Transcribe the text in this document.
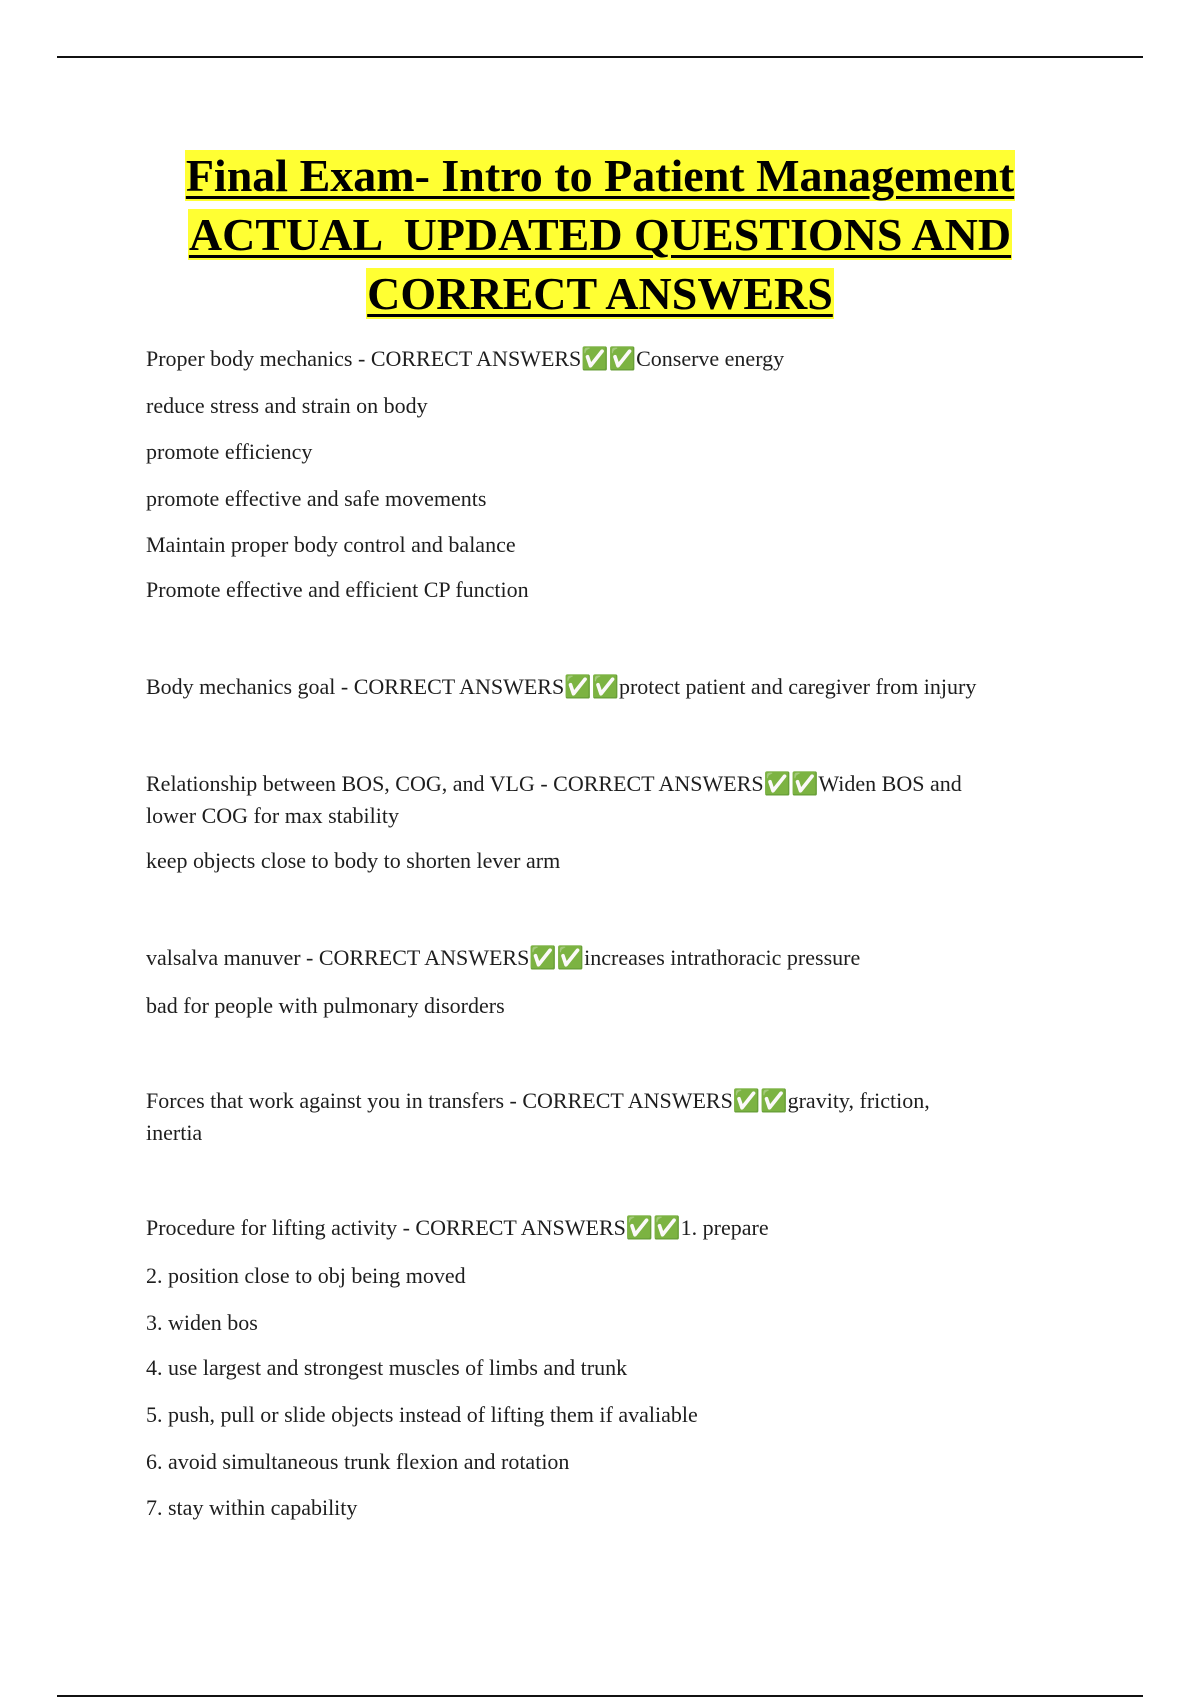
Final Exam- Intro to Patient Management
ACTUAL  UPDATED QUESTIONS AND
CORRECT ANSWERS
Proper body mechanics - CORRECT ANSWERS✅✅Conserve energy
reduce stress and strain on body
promote efficiency
promote effective and safe movements
Maintain proper body control and balance
Promote effective and efficient CP function
Body mechanics goal - CORRECT ANSWERS✅✅protect patient and caregiver from injury
Relationship between BOS, COG, and VLG - CORRECT ANSWERS✅✅Widen BOS and
lower COG for max stability
keep objects close to body to shorten lever arm
valsalva manuver - CORRECT ANSWERS✅✅increases intrathoracic pressure
bad for people with pulmonary disorders
Forces that work against you in transfers - CORRECT ANSWERS✅✅gravity, friction,
inertia
Procedure for lifting activity - CORRECT ANSWERS✅✅1. prepare
2. position close to obj being moved
3. widen bos
4. use largest and strongest muscles of limbs and trunk
5. push, pull or slide objects instead of lifting them if avaliable
6. avoid simultaneous trunk flexion and rotation
7. stay within capability
